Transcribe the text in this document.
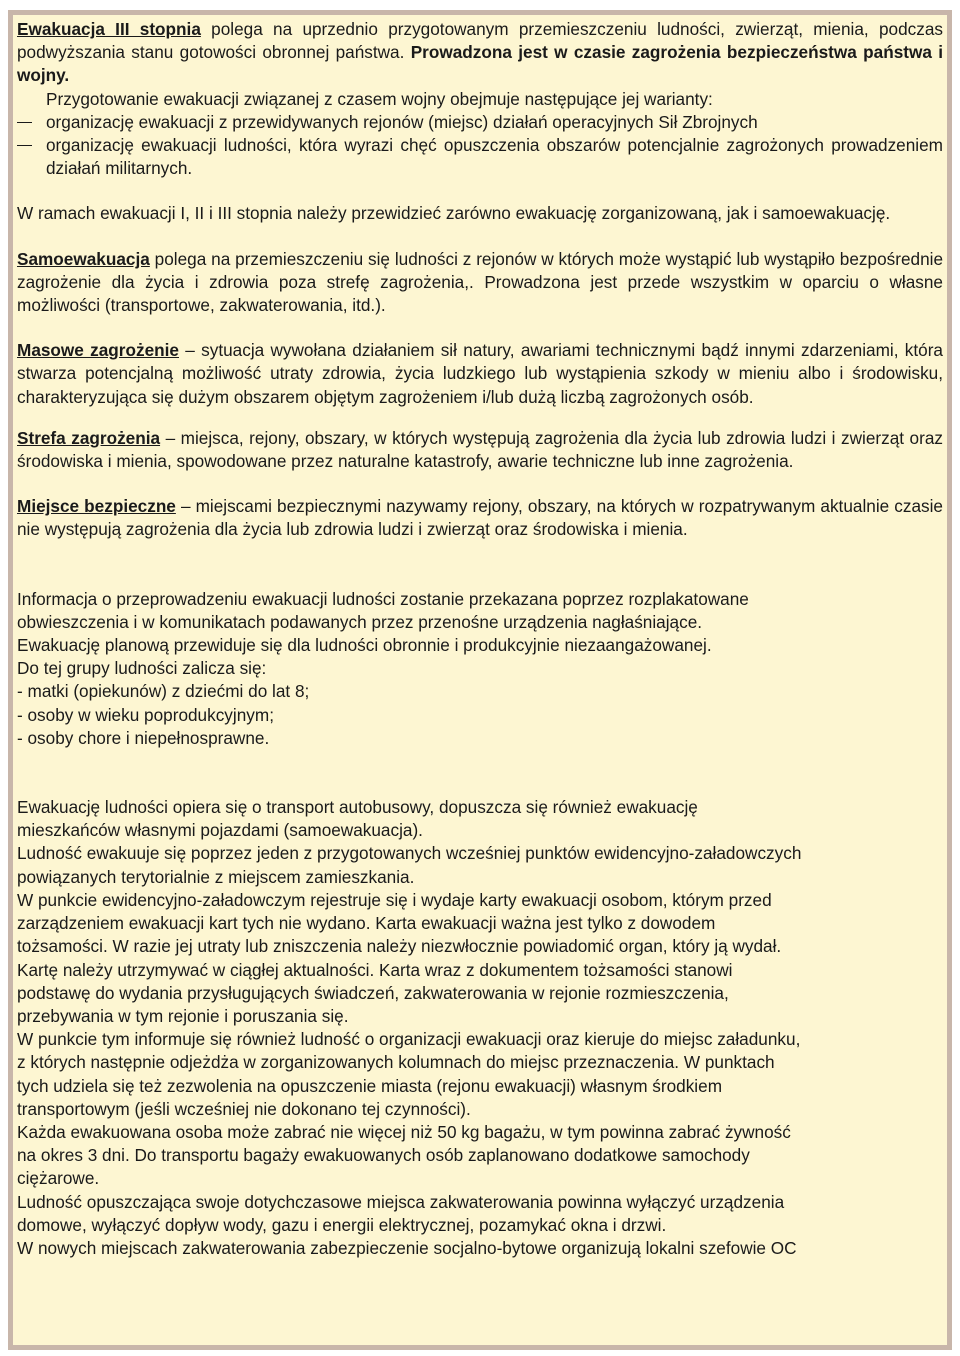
Ewakuacja III stopnia polega na uprzednio przygotowanym przemieszczeniu ludności, zwierząt, mienia, podczas podwyższania stanu gotowości obronnej państwa. Prowadzona jest w czasie zagrożenia bezpieczeństwa państwa i wojny.

Przygotowanie ewakuacji związanej z czasem wojny obejmuje następujące jej warianty:

organizację ewakuacji z przewidywanych rejonów (miejsc) działań operacyjnych Sił Zbrojnych
organizację ewakuacji ludności, która wyrazi chęć opuszczenia obszarów potencjalnie zagrożonych prowadzeniem działań militarnych.

W ramach ewakuacji I, II i III stopnia należy przewidzieć zarówno ewakuację zorganizowaną, jak i samoewakuację.

Samoewakuacja polega na przemieszczeniu się ludności z rejonów w których może wystąpić lub wystąpiło bezpośrednie zagrożenie dla życia i zdrowia poza strefę zagrożenia,. Prowadzona jest przede wszystkim w oparciu o własne możliwości (transportowe, zakwaterowania, itd.).

Masowe zagrożenie – sytuacja wywołana działaniem sił natury, awariami technicznymi bądź innymi zdarzeniami, która stwarza potencjalną możliwość utraty zdrowia, życia ludzkiego lub wystąpienia szkody w mieniu albo i środowisku, charakteryzująca się dużym obszarem objętym zagrożeniem i/lub dużą liczbą zagrożonych osób.

Strefa zagrożenia – miejsca, rejony, obszary, w których występują zagrożenia dla życia lub zdrowia ludzi i zwierząt oraz środowiska i mienia, spowodowane przez naturalne katastrofy, awarie techniczne lub inne zagrożenia.

Miejsce bezpieczne – miejscami bezpiecznymi nazywamy rejony, obszary, na których w rozpatrywanym aktualnie czasie nie występują zagrożenia dla życia lub zdrowia ludzi i zwierząt oraz środowiska i mienia.

Informacja o przeprowadzeniu ewakuacji ludności zostanie przekazana poprzez rozplakatowane

obwieszczenia i w komunikatach podawanych przez przenośne urządzenia nagłaśniające.

Ewakuację planową przewiduje się dla ludności obronnie i produkcyjnie niezaangażowanej.

Do tej grupy ludności zalicza się:

- matki (opiekunów) z dziećmi do lat 8;

- osoby w wieku poprodukcyjnym;

- osoby chore i niepełnosprawne.

Ewakuację ludności opiera się o transport autobusowy, dopuszcza się również ewakuację

mieszkańców własnymi pojazdami (samoewakuacja).

Ludność ewakuuje się poprzez jeden z przygotowanych wcześniej punktów ewidencyjno-załadowczych

powiązanych terytorialnie z miejscem zamieszkania.

W punkcie ewidencyjno-załadowczym rejestruje się i wydaje karty ewakuacji osobom, którym przed

zarządzeniem ewakuacji kart tych nie wydano. Karta ewakuacji ważna jest tylko z dowodem

tożsamości. W razie jej utraty lub zniszczenia należy niezwłocznie powiadomić organ, który ją wydał.

Kartę należy utrzymywać w ciągłej aktualności. Karta wraz z dokumentem tożsamości stanowi

podstawę do wydania przysługujących świadczeń, zakwaterowania w rejonie rozmieszczenia,

przebywania w tym rejonie i poruszania się.

W punkcie tym informuje się również ludność o organizacji ewakuacji oraz kieruje do miejsc załadunku,

z których następnie odjeżdża w zorganizowanych kolumnach do miejsc przeznaczenia. W punktach

tych udziela się też zezwolenia na opuszczenie miasta (rejonu ewakuacji) własnym środkiem

transportowym (jeśli wcześniej nie dokonano tej czynności).

Każda ewakuowana osoba może zabrać nie więcej niż 50 kg bagażu, w tym powinna zabrać żywność

na okres 3 dni. Do transportu bagaży ewakuowanych osób zaplanowano dodatkowe samochody

ciężarowe.

Ludność opuszczająca swoje dotychczasowe miejsca zakwaterowania powinna wyłączyć urządzenia

domowe, wyłączyć dopływ wody, gazu i energii elektrycznej, pozamykać okna i drzwi.

W nowych miejscach zakwaterowania zabezpieczenie socjalno-bytowe organizują lokalni szefowie OC
